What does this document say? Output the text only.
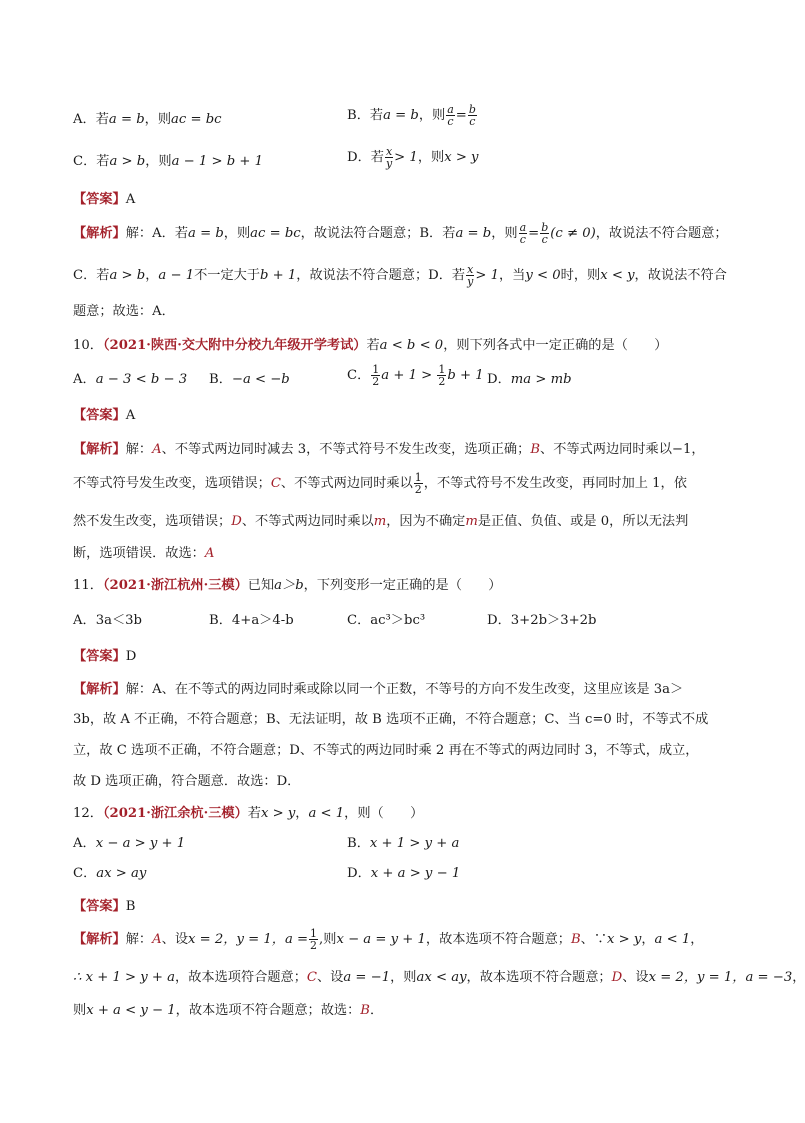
A．若a = b，则ac = bc	B．若a = b，则 $\frac{a}{c} = \frac{b}{c}$
C．若a > b，则a − 1 > b + 1	D．若 $\frac{x}{y} > 1$，则x > y
【答案】A
【解析】解：A．若a = b，则ac = bc，故说法符合题意；B．若a = b，则 $\frac{a}{c} = \frac{b}{c} (c \ne 0)$，故说法不符合题意；
C．若a > b，a − 1不一定大于b + 1，故说法不符合题意；D．若 $\frac{x}{y} > 1$，当y < 0时，则x < y，故说法不符合
题意；故选：A．
10．（2021·陕西·交大附中分校九年级开学考试）若a < b < 0，则下列各式中一定正确的是（　　）
A．a − 3 < b − 3 B．−a < −b	C． $\frac{1}{2}$ $a + 1 > \frac{1}{2}$ b + 1 D．ma > mb
【答案】A
【解析】解：A、不等式两边同时减去 3，不等式符号不发生改变，选项正确；B、不等式两边同时乘以−1，
不等式符号发生改变，选项错误；C、不等式两边同时乘以 $\frac{1}{2}$ ，不等式符号不发生改变，再同时加上 1，依
然不发生改变，选项错误；D、不等式两边同时乘以m，因为不确定m是正值、负值、或是 0，所以无法判
断，选项错误．故选：A
11．（2021·浙江杭州·三模）已知a＞b，下列变形一定正确的是（　　）
A．3a＜3b	B．4+a＞4-b	C．ac³＞bc³	D．3+2b＞3+2b
【答案】D
【解析】解：A、在不等式的两边同时乘或除以同一个正数，不等号的方向不发生改变，这里应该是 3a＞
3b，故 A 不正确，不符合题意；B、无法证明，故 B 选项不正确，不符合题意；C、当 c=0 时，不等式不成
立，故 C 选项不正确，不符合题意；D、不等式的两边同时乘 2 再在不等式的两边同时 3，不等式，成立，
故 D 选项正确，符合题意．故选：D．
12．（2021·浙江余杭·三模）若x > y，a < 1，则（　　）
A．x − a > y + 1	B．x + 1 > y + a
C．ax > ay	D．x + a > y − 1
【答案】B
【解析】解：A、设x = 2，y = 1，$a = \frac{1}{2}$ ,则x − a = y + 1，故本选项不符合题意；B、∵x > y，a < 1，
∴ x + 1 > y + a，故本选项符合题意；C、设a = −1，则ax < ay，故本选项不符合题意；D、设x = 2，y = 1，a = −3，
则x + a < y − 1，故本选项不符合题意；故选：B．
